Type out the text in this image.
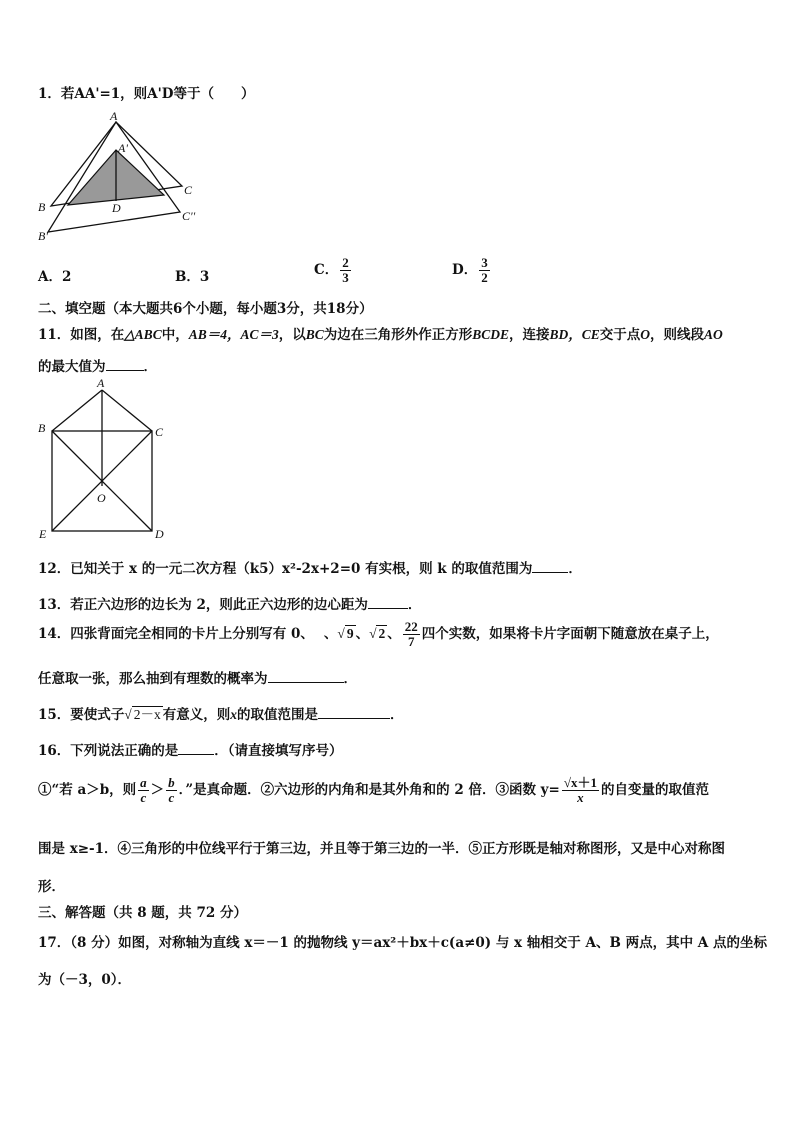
1．若AA'=1，则A'D等于（　　）
A
A'
B
B'
C
C''
D
A．2	B．3	C． $\frac{2}{3}$	D． $\frac{3}{2}$
二、填空题（本大题共6个小题，每小题3分，共18分）
11．如图，在△ABC中，AB＝4，AC＝3，以BC为边在三角形外作正方形BCDE，连接BD，CE交于点O，则线段AO
的最大值为	．
A
B	C
D
E
O
12．已知关于 x 的一元二次方程（k5）x²-2x+2=0 有实根，则 k 的取值范围为	．
13．若正六边形的边长为 2，则此正六边形的边心距为	．
14．四张背面完全相同的卡片上分别写有 0、 、√ 9 、√ 2 、 $\frac{22}{7}$ 四个实数，如果将卡片字面朝下随意放在桌子上，
任意取一张，那么抽到有理数的概率为	．
15．要使式子√ 2－x 有意义，则x的取值范围是	．
16．下列说法正确的是	．（请直接填写序号）
①“若 a＞b，则 $\frac{a}{c} > \frac{b}{c}$ ．”是真命题．②六边形的内角和是其外角和的 2 倍．③函数 $y= \frac{√x+1}{x}$ 的自变量的取值范
围是 x≥-1．④三角形的中位线平行于第三边，并且等于第三边的一半．⑤正方形既是轴对称图形，又是中心对称图
形．
三、解答题（共 8 题，共 72 分）
17．（8 分）如图，对称轴为直线 x＝－1 的抛物线 y＝ax²＋bx＋c(a≠0) 与 x 轴相交于 A、B 两点，其中 A 点的坐标
为（－3，0）．
